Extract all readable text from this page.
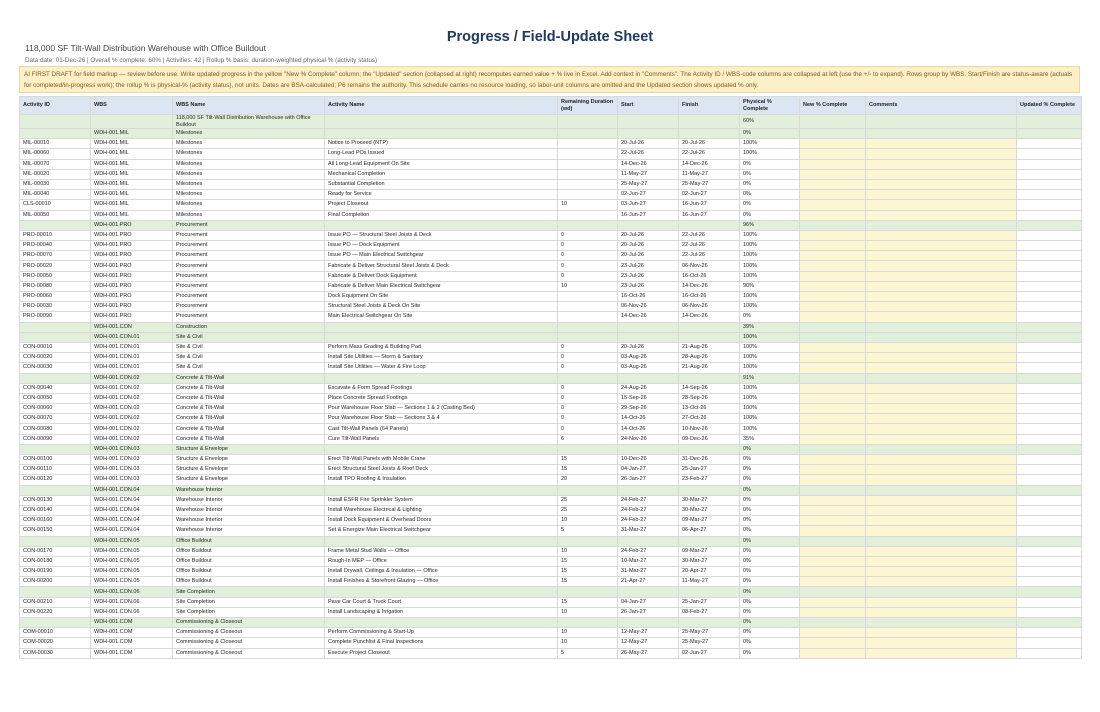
Progress / Field-Update Sheet
118,000 SF Tilt-Wall Distribution Warehouse with Office Buildout
Data date: 01-Dec-26 | Overall % complete: 60% | Activities: 42 | Rollup % basis: duration-weighted physical % (activity status)
AI FIRST DRAFT for field markup — review before use. Write updated progress in the yellow "New % Complete" column; the "Updated" section (collapsed at right) recomputes earned value + % live in Excel. Add context in "Comments". The Activity ID / WBS-code columns are collapsed at left (use the +/- to expand). Rows group by WBS. Start/Finish are status-aware (actuals for completed/in-progress work); the rollup % is physical-% (activity status), not units. Dates are BSA-calculated; P6 remains the authority. This schedule carries no resource loading, so labor-unit columns are omitted and the Updated section shows updated % only.
Activity ID	WBS	WBS Name	Activity Name	Remaining Duration (wd)	Start	Finish	Physical % Complete	New % Complete	Comments	Updated % Complete
		118,000 SF Tilt-Wall Distribution Warehouse with Office Buildout					60%			
	WDH-001.MIL	Milestones					0%			
MIL-00010	WDH-001.MIL	Milestones	Notice to Proceed (NTP)		20-Jul-26	20-Jul-26	100%			
MIL-00060	WDH-001.MIL	Milestones	Long-Lead POs Issued		22-Jul-26	22-Jul-26	100%			
MIL-00070	WDH-001.MIL	Milestones	All Long-Lead Equipment On Site		14-Dec-26	14-Dec-26	0%			
MIL-00020	WDH-001.MIL	Milestones	Mechanical Completion		11-May-27	11-May-27	0%			
MIL-00030	WDH-001.MIL	Milestones	Substantial Completion		25-May-27	25-May-27	0%			
MIL-00040	WDH-001.MIL	Milestones	Ready for Service		02-Jun-27	02-Jun-27	0%			
CLS-00010	WDH-001.MIL	Milestones	Project Closeout	10	03-Jun-27	16-Jun-27	0%			
MIL-00050	WDH-001.MIL	Milestones	Final Completion		16-Jun-27	16-Jun-27	0%			
	WDH-001.PRO	Procurement					96%			
PRO-00010	WDH-001.PRO	Procurement	Issue PO — Structural Steel Joists & Deck	0	20-Jul-26	22-Jul-26	100%			
PRO-00040	WDH-001.PRO	Procurement	Issue PO — Dock Equipment	0	20-Jul-26	22-Jul-26	100%			
PRO-00070	WDH-001.PRO	Procurement	Issue PO — Main Electrical Switchgear	0	20-Jul-26	22-Jul-26	100%			
PRO-00020	WDH-001.PRO	Procurement	Fabricate & Deliver Structural Steel Joists & Deck	0	23-Jul-26	06-Nov-26	100%			
PRO-00050	WDH-001.PRO	Procurement	Fabricate & Deliver Dock Equipment	0	23-Jul-26	16-Oct-26	100%			
PRO-00080	WDH-001.PRO	Procurement	Fabricate & Deliver Main Electrical Switchgear	10	23-Jul-26	14-Dec-26	90%			
PRO-00060	WDH-001.PRO	Procurement	Dock Equipment On Site		16-Oct-26	16-Oct-26	100%			
PRO-00030	WDH-001.PRO	Procurement	Structural Steel Joists & Deck On Site		06-Nov-26	06-Nov-26	100%			
PRO-00090	WDH-001.PRO	Procurement	Main Electrical Switchgear On Site		14-Dec-26	14-Dec-26	0%			
	WDH-001.CON	Construction					39%			
	WDH-001.CON.01	Site & Civil					100%			
CON-00010	WDH-001.CON.01	Site & Civil	Perform Mass Grading & Building Pad	0	20-Jul-26	21-Aug-26	100%			
CON-00020	WDH-001.CON.01	Site & Civil	Install Site Utilities — Storm & Sanitary	0	03-Aug-26	28-Aug-26	100%			
CON-00030	WDH-001.CON.01	Site & Civil	Install Site Utilities — Water & Fire Loop	0	03-Aug-26	21-Aug-26	100%			
	WDH-001.CON.02	Concrete & Tilt-Wall					91%			
CON-00040	WDH-001.CON.02	Concrete & Tilt-Wall	Excavate & Form Spread Footings	0	24-Aug-26	14-Sep-26	100%			
CON-00050	WDH-001.CON.02	Concrete & Tilt-Wall	Place Concrete Spread Footings	0	15-Sep-26	28-Sep-26	100%			
CON-00060	WDH-001.CON.02	Concrete & Tilt-Wall	Pour Warehouse Floor Slab — Sections 1 & 2 (Casting Bed)	0	29-Sep-26	13-Oct-26	100%			
CON-00070	WDH-001.CON.02	Concrete & Tilt-Wall	Pour Warehouse Floor Slab — Sections 3 & 4	0	14-Oct-26	27-Oct-26	100%			
CON-00080	WDH-001.CON.02	Concrete & Tilt-Wall	Cast Tilt-Wall Panels (64 Panels)	0	14-Oct-26	10-Nov-26	100%			
CON-00090	WDH-001.CON.02	Concrete & Tilt-Wall	Cure Tilt-Wall Panels	6	24-Nov-26	09-Dec-26	35%			
	WDH-001.CON.03	Structure & Envelope					0%			
CON-00100	WDH-001.CON.03	Structure & Envelope	Erect Tilt-Wall Panels with Mobile Crane	15	10-Dec-26	31-Dec-26	0%			
CON-00110	WDH-001.CON.03	Structure & Envelope	Erect Structural Steel Joists & Roof Deck	15	04-Jan-27	25-Jan-27	0%			
CON-00120	WDH-001.CON.03	Structure & Envelope	Install TPO Roofing & Insulation	20	26-Jan-27	23-Feb-27	0%			
	WDH-001.CON.04	Warehouse Interior					0%			
CON-00130	WDH-001.CON.04	Warehouse Interior	Install ESFR Fire Sprinkler System	25	24-Feb-27	30-Mar-27	0%			
CON-00140	WDH-001.CON.04	Warehouse Interior	Install Warehouse Electrical & Lighting	25	24-Feb-27	30-Mar-27	0%			
CON-00160	WDH-001.CON.04	Warehouse Interior	Install Dock Equipment & Overhead Doors	10	24-Feb-27	09-Mar-27	0%			
CON-00150	WDH-001.CON.04	Warehouse Interior	Set & Energize Main Electrical Switchgear	5	31-Mar-27	06-Apr-27	0%			
	WDH-001.CON.05	Office Buildout					0%			
CON-00170	WDH-001.CON.05	Office Buildout	Frame Metal Stud Walls — Office	10	24-Feb-27	09-Mar-27	0%			
CON-00180	WDH-001.CON.05	Office Buildout	Rough-In MEP — Office	15	10-Mar-27	30-Mar-27	0%			
CON-00190	WDH-001.CON.05	Office Buildout	Install Drywall, Ceilings & Insulation — Office	15	31-Mar-27	20-Apr-27	0%			
CON-00200	WDH-001.CON.05	Office Buildout	Install Finishes & Storefront Glazing — Office	15	21-Apr-27	11-May-27	0%			
	WDH-001.CON.06	Site Completion					0%			
CON-00210	WDH-001.CON.06	Site Completion	Pave Car Court & Truck Court	15	04-Jan-27	25-Jan-27	0%			
CON-00220	WDH-001.CON.06	Site Completion	Install Landscaping & Irrigation	10	26-Jan-27	08-Feb-27	0%			
	WDH-001.COM	Commissioning & Closeout					0%			
COM-00010	WDH-001.COM	Commissioning & Closeout	Perform Commissioning & Start-Up	10	12-May-27	25-May-27	0%			
COM-00020	WDH-001.COM	Commissioning & Closeout	Complete Punchlist & Final Inspections	10	12-May-27	25-May-27	0%			
COM-00030	WDH-001.COM	Commissioning & Closeout	Execute Project Closeout	5	26-May-27	02-Jun-27	0%			
